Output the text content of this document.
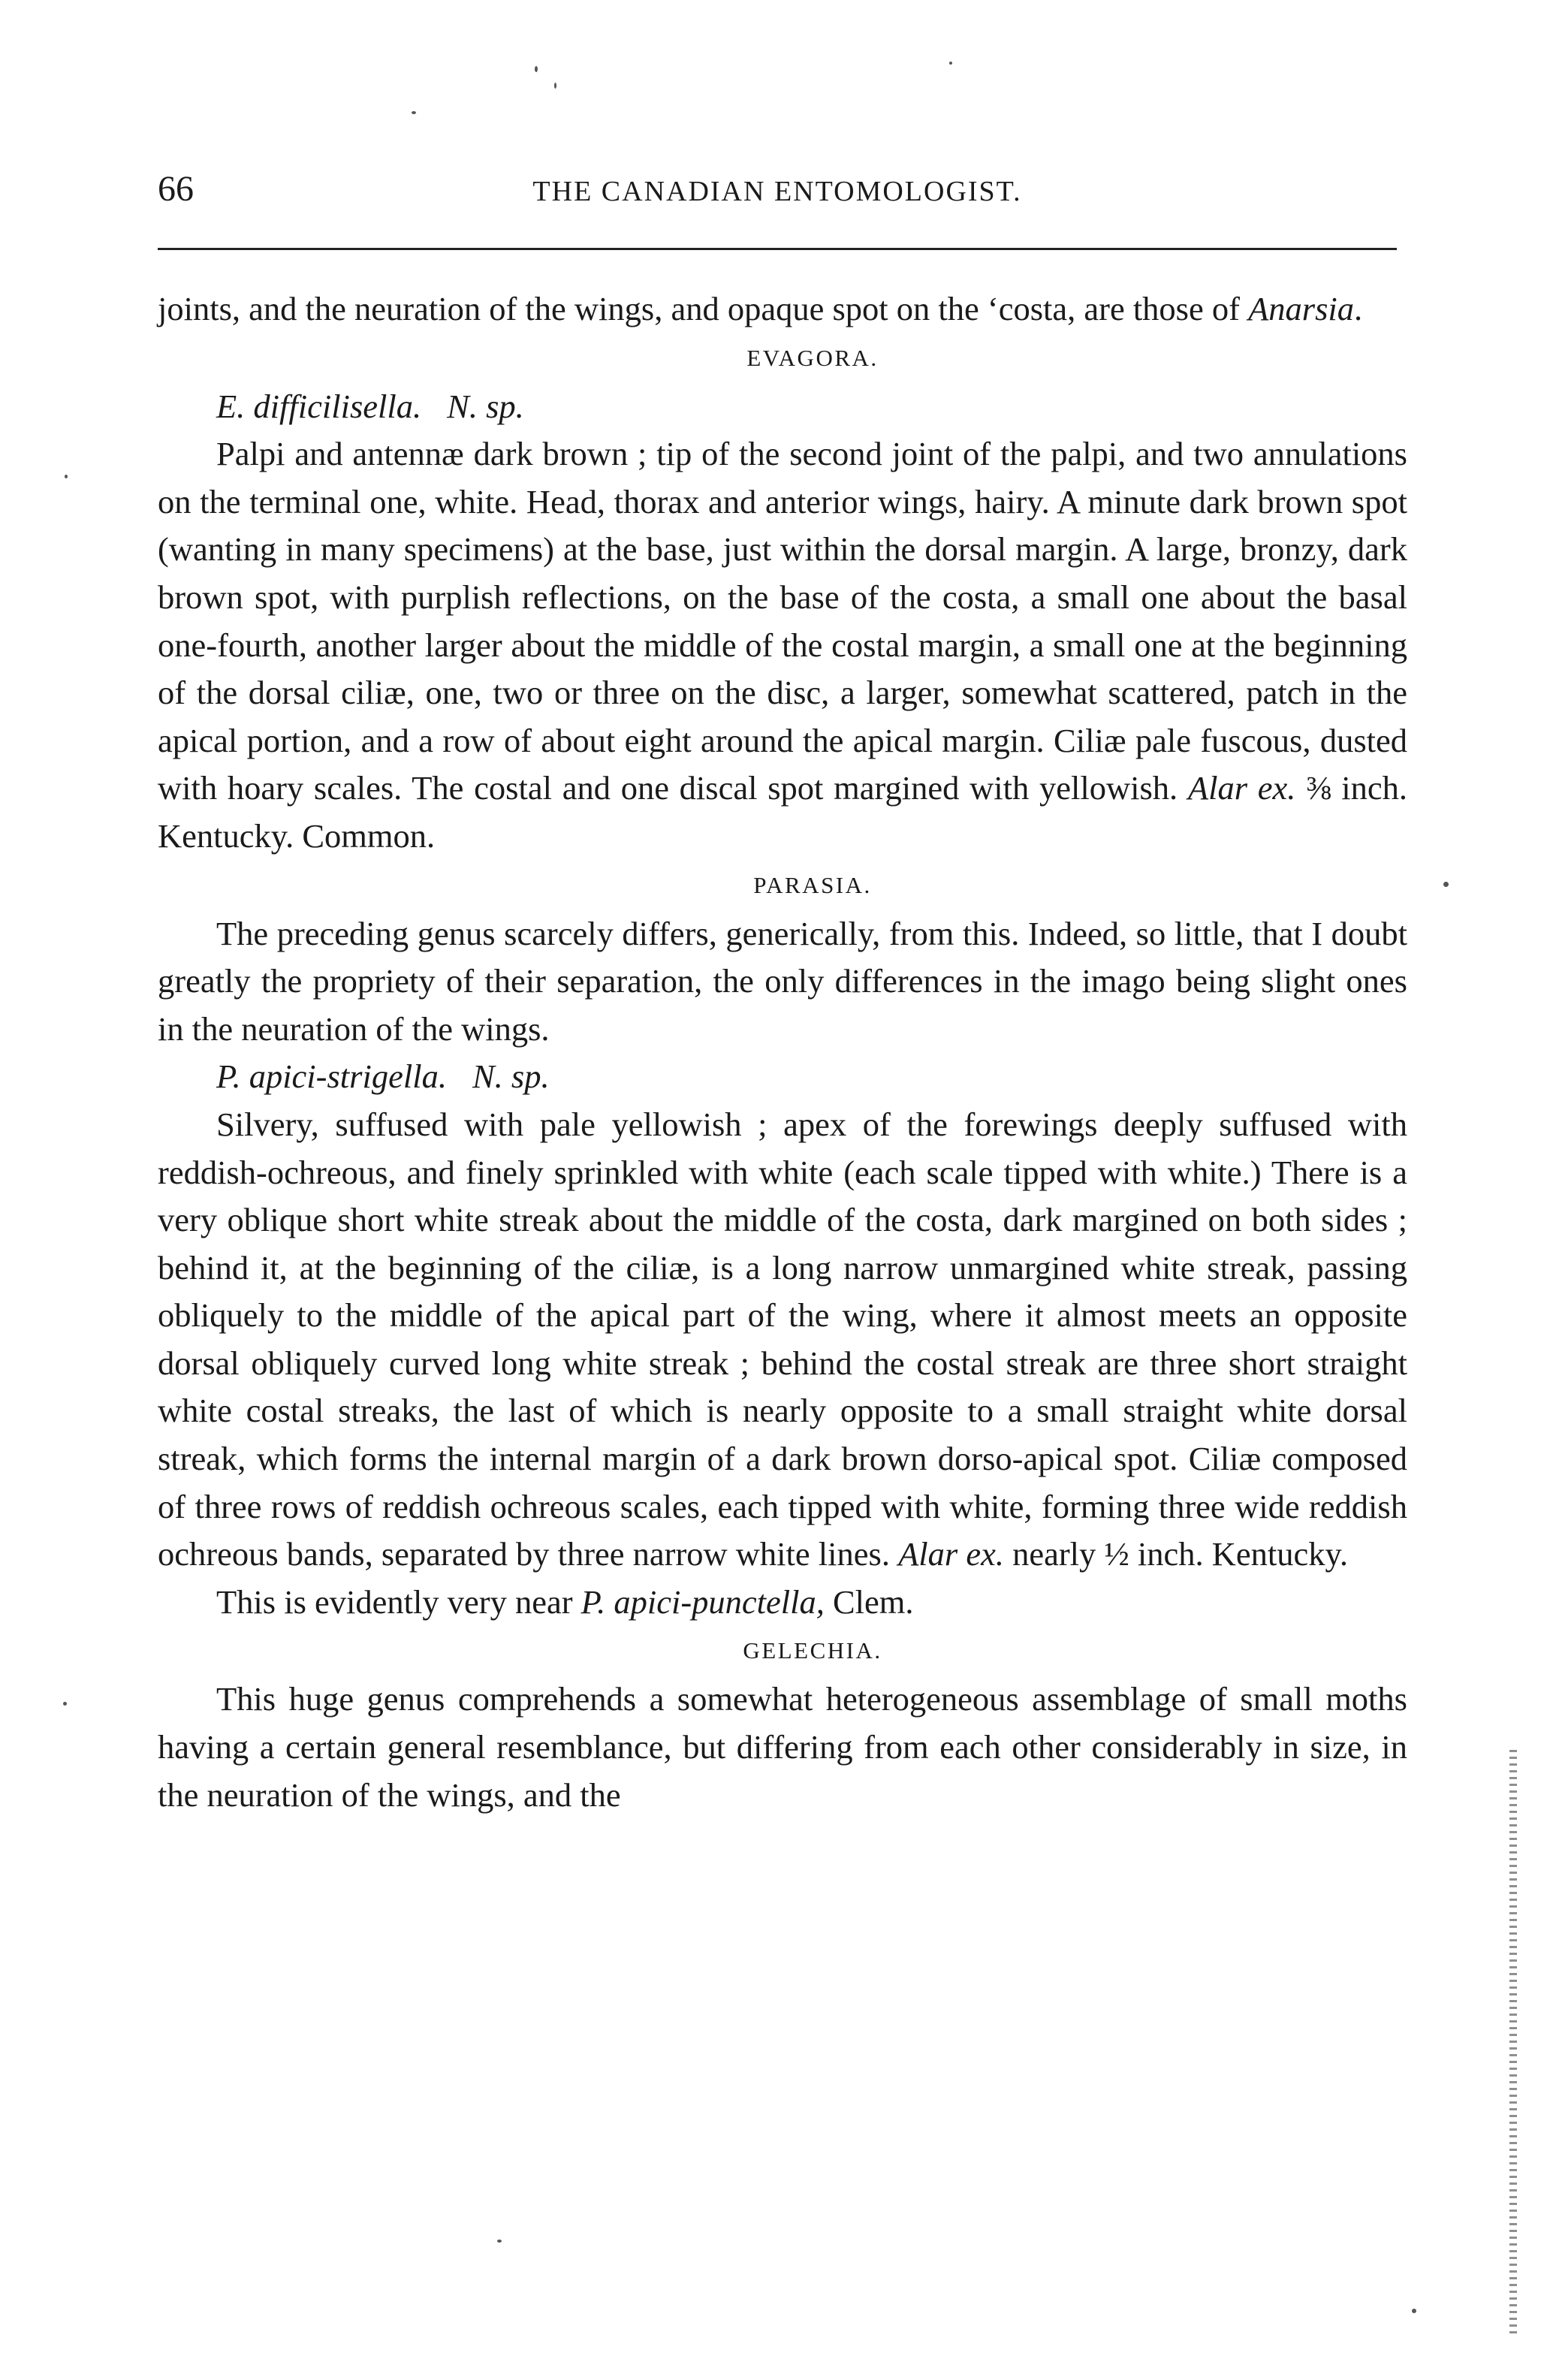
66	THE CANADIAN ENTOMOLOGIST.

joints, and the neuration of the wings, and opaque spot on the ‘costa, are those of Anarsia.

EVAGORA.

E. difficilisella. N. sp.

Palpi and antennæ dark brown ; tip of the second joint of the palpi, and two annulations on the terminal one, white. Head, thorax and anterior wings, hairy. A minute dark brown spot (wanting in many specimens) at the base, just within the dorsal margin. A large, bronzy, dark brown spot, with purplish reflections, on the base of the costa, a small one about the basal one-fourth, another larger about the middle of the costal margin, a small one at the beginning of the dorsal ciliæ, one, two or three on the disc, a larger, somewhat scattered, patch in the apical portion, and a row of about eight around the apical margin. Ciliæ pale fuscous, dusted with hoary scales. The costal and one discal spot margined with yellowish. Alar ex. ⅜ inch. Kentucky. Common.

PARASIA.

The preceding genus scarcely differs, generically, from this. Indeed, so little, that I doubt greatly the propriety of their separation, the only differences in the imago being slight ones in the neuration of the wings.

P. apici-strigella. N. sp.

Silvery, suffused with pale yellowish ; apex of the forewings deeply suffused with reddish-ochreous, and finely sprinkled with white (each scale tipped with white.) There is a very oblique short white streak about the middle of the costa, dark margined on both sides ; behind it, at the beginning of the ciliæ, is a long narrow unmargined white streak, passing obliquely to the middle of the apical part of the wing, where it almost meets an opposite dorsal obliquely curved long white streak ; behind the costal streak are three short straight white costal streaks, the last of which is nearly opposite to a small straight white dorsal streak, which forms the internal margin of a dark brown dorso-apical spot. Ciliæ composed of three rows of reddish ochreous scales, each tipped with white, forming three wide reddish ochreous bands, separated by three narrow white lines. Alar ex. nearly ½ inch. Kentucky.

This is evidently very near P. apici-punctella, Clem.

GELECHIA.

This huge genus comprehends a somewhat heterogeneous assemblage of small moths having a certain general resemblance, but differing from each other considerably in size, in the neuration of the wings, and the
